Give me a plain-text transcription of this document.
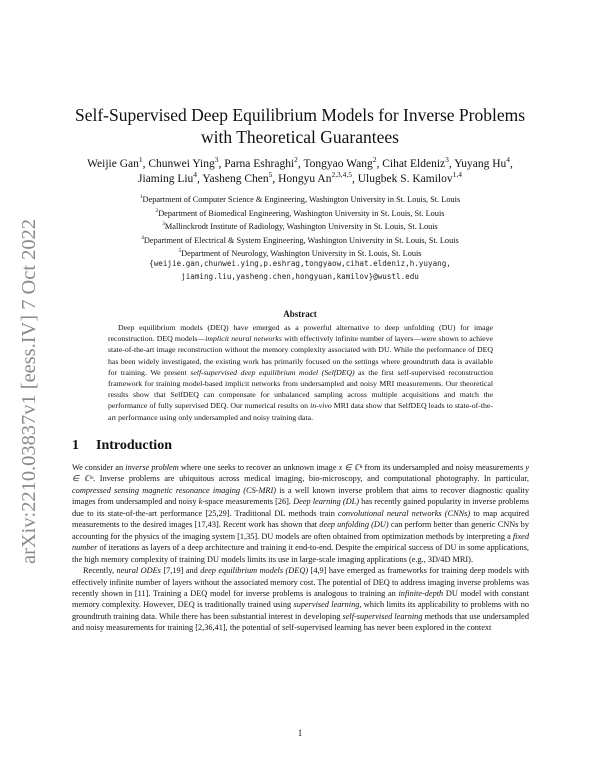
arXiv:2210.03837v1 [eess.IV] 7 Oct 2022
Self-Supervised Deep Equilibrium Models for Inverse Problems
with Theoretical Guarantees
Weijie Gan$^1$, Chunwei Ying$^3$, Parna Eshraghi$^2$, Tongyao Wang$^2$, Cihat Eldeniz$^3$, Yuyang Hu$^4$,
Jiaming Liu$^4$, Yasheng Chen$^5$, Hongyu An$^{2,3,4,5}$, Ulugbek S. Kamilov$^{1,4}$
$^1$Department of Computer Science & Engineering, Washington University in St. Louis, St. Louis
$^2$Department of Biomedical Engineering, Washington University in St. Louis, St. Louis
$^3$Mallinckrodt Institute of Radiology, Washington University in St. Louis, St. Louis
$^4$Department of Electrical & System Engineering, Washington University in St. Louis, St. Louis
$^5$Department of Neurology, Washington University in St. Louis, St. Louis
{weijie.gan,chunwei.ying,p.eshrag,tongyaow,cihat.eldeniz,h.yuyang,
jiaming.liu,yasheng.chen,hongyuan,kamilov}@wustl.edu
Abstract

Deep equilibrium models (DEQ) have emerged as a powerful alternative to deep unfolding (DU) for image reconstruction. DEQ models—implicit neural networks with effectively infinite number of layers—were shown to achieve state-of-the-art image reconstruction without the memory complexity associated with DU. While the performance of DEQ has been widely investigated, the existing work has primarily focused on the settings where groundtruth data is available for training. We present self-supervised deep equilibrium model (SelfDEQ) as the first self-supervised reconstruction framework for training model-based implicit networks from undersampled and noisy MRI measurements. Our theoretical results show that SelfDEQ can compensate for unbalanced sampling across multiple acquisitions and match the performance of fully supervised DEQ. Our numerical results on in-vivo MRI data show that SelfDEQ leads to state-of-the-art performance using only undersampled and noisy training data.

1 Introduction

We consider an inverse problem where one seeks to recover an unknown image x ∈ ℂⁿ from its undersampled and noisy measurements y ∈ ℂᵐ. Inverse problems are ubiquitous across medical imaging, bio-microscopy, and computational photography. In particular, compressed sensing magnetic resonance imaging (CS-MRI) is a well known inverse problem that aims to recover diagnostic quality images from undersampled and noisy k-space measurements [26]. Deep learning (DL) has recently gained popularity in inverse problems due to its state-of-the-art performance [25,29]. Traditional DL methods train convolutional neural networks (CNNs) to map acquired measurements to the desired images [17,43]. Recent work has shown that deep unfolding (DU) can perform better than generic CNNs by accounting for the physics of the imaging system [1,35]. DU models are often obtained from optimization methods by interpreting a fixed number of iterations as layers of a deep architecture and training it end-to-end. Despite the empirical success of DU in some applications, the high memory complexity of training DU models limits its use in large-scale imaging applications (e.g., 3D/4D MRI).

Recently, neural ODEs [7,19] and deep equilibrium models (DEQ) [4,9] have emerged as frameworks for training deep models with effectively infinite number of layers without the associated memory cost. The potential of DEQ to address imaging inverse problems was recently shown in [11]. Training a DEQ model for inverse problems is analogous to training an infinite-depth DU model with constant memory complexity. However, DEQ is traditionally trained using supervised learning, which limits its applicability to problems with no groundtruth training data. While there has been substantial interest in developing self-supervised learning methods that use undersampled and noisy measurements for training [2,36,41], the potential of self-supervised learning has never been explored in the context

1
